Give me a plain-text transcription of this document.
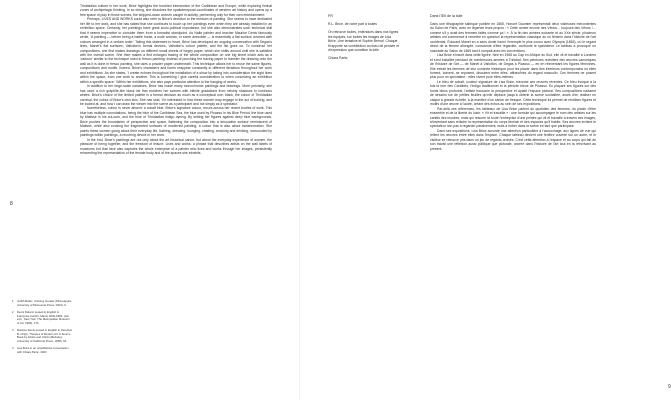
8
1	Judith Butler, Undoing Gender (Minneapolis: University of Minnesota Press, 2004), 9.
2	Denis Diderot quoted in English in Françoise Cachin, Manet 1832-1883, (cat. exh., New York: The Metropolitan Museum of Art, 1983), 174.
3	Maurice Denis quoted in English in Herschel B. Chipp, Theories of Modern Art: A Source Book by Artists and Critics (Berkeley: University of California Press, 1968), 94.
4	Lisa Brice in an unpublished conversation with Chiara Parisi, 2023.

Trinidadian culture in her work, Brice highlights the troubled intersection of the Caribbean and Europe, while exploring liminal zones of archipelagic thinking. In so doing, she dissolves the spatiotemporal coordinates of western art history and opens up a free space of play in those scenes, the stripped-down women caught in activity, performing only for their own entertainment.

Perhaps, LIVES AND WORKS could also refer to Brice's devotion to the medium of painting. She seems to have dedicated her life to her work, and she has stated that she continues to touch up her paintings even when they are already installed in an exhibition space. Certainly, her paintings have great socio-political importance, but she also demonstrates such technical skill that it seems imperative to consider them from a formalist standpoint. As Nalle painter and teacher Maurice Denis famously wrote, 'A painting — before being a battle horse, a nude woman, or some anecdote — is essentially a flat surface covered with colours arranged in a certain order.' Taking this statement to heart, Brice has developed an ongoing conversation with Degas's lines, Manet's flat surfaces, Vallotton's formal devices, Vallotton's colour palette, and the list goes on. To construct her compositions, she first makes drawings on different small sheets of forgey paper, which she shifts around until she is satisfied with the overall scene. She then makes a first enlarged tracing of the whole composition on one big sheet which acts as a 'cartoon' similar to the technique used in fresco painting; instead of punching the tracing paper to transfer the drawing onto the wall as it is done in fresco painting, she uses a powder paper underneath. This technique allows her to reuse the same figures, compositions and motifs. Indeed, Brice's characters and forms reappear constantly in different iterations throughout her work and exhibitions. As she states, 'I create echoes throughout the installation of a show by taking into consideration the sight lines within the space, from one work to another. This is something I give careful consideration to when conceiving an exhibition within a specific space.' Within her exhibitions, she also pays particular attention to the hanging of works.

In addition to her large-scale canvases, Brice has made many monochrome paintings and drawings. More precisely, she has used a rich graphite-like black ink that enriches her scenes with infinite gradations from velvety shadows to luminous whites. Brice's choice of the limited palette is a formal decision as much as a conceptual one: black, the colour of Trinidadian carnival, the colour of Brice's own skin. She has said, 'I'm interested in how these women may engage in the act of looking, and be looked at, and how I can draw the viewer into the scene as a participant and not simply as a spectator.'

Nonetheless, colour is never absent: a cobalt blue, Brice's signature colour, recurs across her recent bodies of work. This blue has multiple connotations, being the blue of the Caribbean Sea, the blue used by Picasso in his Blue Period, the blue used by Matisse in his cut-outs, and the blue of Trinidadian indigo dyeing. By setting her figures against deep blue backgrounds, Brice pushes the boundaries of perspective and space, flattening the composition into a decorative surface reminiscent of Matisse, while also evoking the fragmented surfaces of modernist painting, a colour that is also about transformation. She paints these women going about their everyday life, bathing, dressing, lounging, chatting, smoking and drinking, surrounded by paintings within paintings, a recurring device in her work.

In the end, Brice's paintings are not only about the art historical canon, but about the everyday experience of women, the pleasure of being together, and the freedom of leisure. Lives and works: a phrase that describes artists on the wall labels of museums but that here also captures the whole enterprise of a painter who lives and works through her images, persistently reinventing the representation of the female body and of the spaces she inhabits.

9
FR	Dans l'Œil de la toile

R.L. Brice, de notre part à toutes

On retrouve toutes, entendues dans nos lignes les équipés, sur toutes les images de Lisa Brice. Une tentative et Sophie Bernal. Chaque fil apporte sa contribution au tissu de pensée et d'expression que constitue la toile.

Chiara Parisi

Dans une lithographie satirique publiée en 1865, Honoré Daumier représentait deux visiteuses mécontentes du Salon de Paris, avec en légende leurs propos : « Cette année encore des Vénus… toujours des Vénus !… comme s'il y avait des femmes faites comme ça ! ». À la fin des années soixante et au XXe siècle, plusieurs artistes ont commencé à remettre en question la représentation classique du nu féminin dans l'histoire de l'art occidental. Édouard Manet en a sans doute fourni l'exemple le plus connu avec Olympia (1863), où le regard direct de la femme allongée, consciente d'être regardée, confronte le spectateur. Le tableau a provoqué un scandale au Salon de 1865 tant il rompait avec les conventions.

Lisa Brice s'inscrit dans cette lignée. Née en 1968 au Cap en Afrique du Sud, elle vit et travaille à Londres et s'est installée pendant de nombreuses années à Trinidad. Ses peintures revisitent des œuvres canoniques de l'histoire de l'art — de Manet à Vallotton, de Degas à Picasso — en en réinventant les figures féminines. Elle extrait les femmes de leur contexte historique pour les placer dans des intérieurs contemporains où elles fument, boivent, se reposent, discutent entre elles, affranchies du regard masculin. Ces femmes ne posent plus pour un spectateur : elles vivent pour elles-mêmes.

Le bleu de cobalt, couleur signature de Lisa Brice, traverse ses œuvres récentes. Ce bleu évoque à la fois la mer des Caraïbes, l'indigo traditionnel et la période bleue de Picasso. En plaçant ses figures sur des fonds bleus profonds, l'artiste bouscule la perspective et aplatit l'espace pictural. Ses compositions naissent de dessins sur de petites feuilles qu'elle déplace jusqu'à obtenir la scène souhaitée, avant d'en réaliser un calque à grande échelle, à la manière d'un carton de fresque. Cette technique lui permet de réutiliser figures et motifs d'une œuvre à l'autre, créant des échos au sein de ses expositions.

Par-delà ces références, les tableaux de Lisa Brice parlent du quotidien des femmes, du plaisir d'être ensemble et de la liberté du loisir. « Vit et travaille » : une formule qui accompagne le nom des artistes sur les cartels des musées, mais qui résume ici toute l'entreprise d'une peintre qui vit et travaille à travers ses images, réinventant sans relâche la représentation du corps féminin et des espaces qu'il habite. Ses œuvres invitent le spectateur non pas à regarder passivement, mais à entrer dans la scène en tant que participant.

Dans ses expositions, Lisa Brice accorde une attention particulière à l'accrochage, aux lignes de vue qui relient les œuvres entre elles dans l'espace. Chaque tableau devient une fenêtre ouverte sur un autre, et le visiteur se retrouve pris dans un jeu de regards croisés. C'est cette attention à l'espace et au corps qui fait de son travail une réflexion aussi politique que picturale, ancrée dans l'histoire de l'art tout en la réécrivant au présent.
